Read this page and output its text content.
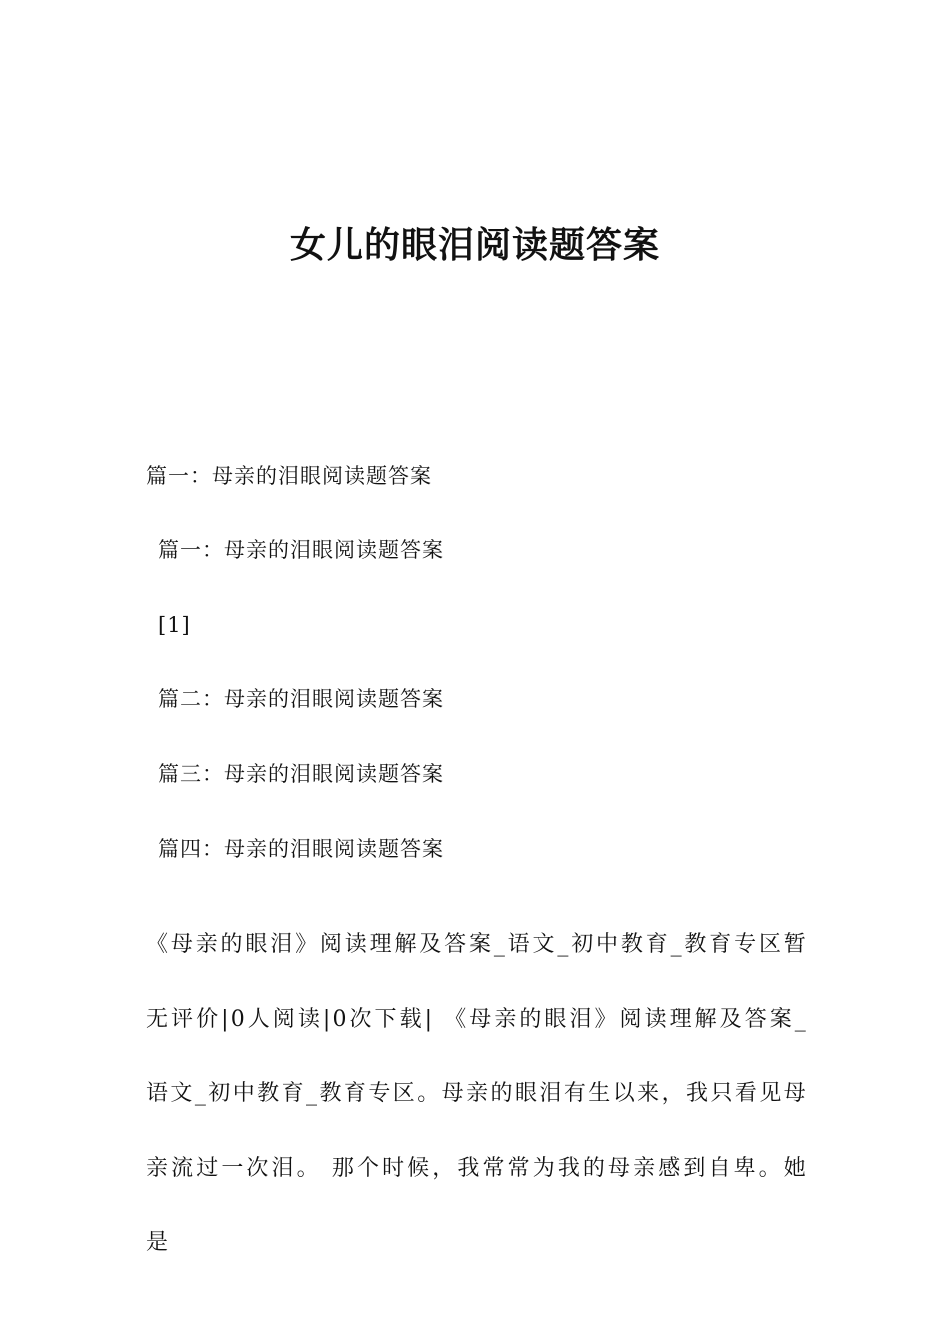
女儿的眼泪阅读题答案
篇一：母亲的泪眼阅读题答案
篇一：母亲的泪眼阅读题答案
[1]
篇二：母亲的泪眼阅读题答案
篇三：母亲的泪眼阅读题答案
篇四：母亲的泪眼阅读题答案

《母亲的眼泪》阅读理解及答案_语文_初中教育_教育专区暂无评价|0人阅读|0次下载| 《母亲的眼泪》阅读理解及答案_语文_初中教育_教育专区。母亲的眼泪有生以来，我只看见母亲流过一次泪。 那个时候，我常常为我的母亲感到自卑。她是
